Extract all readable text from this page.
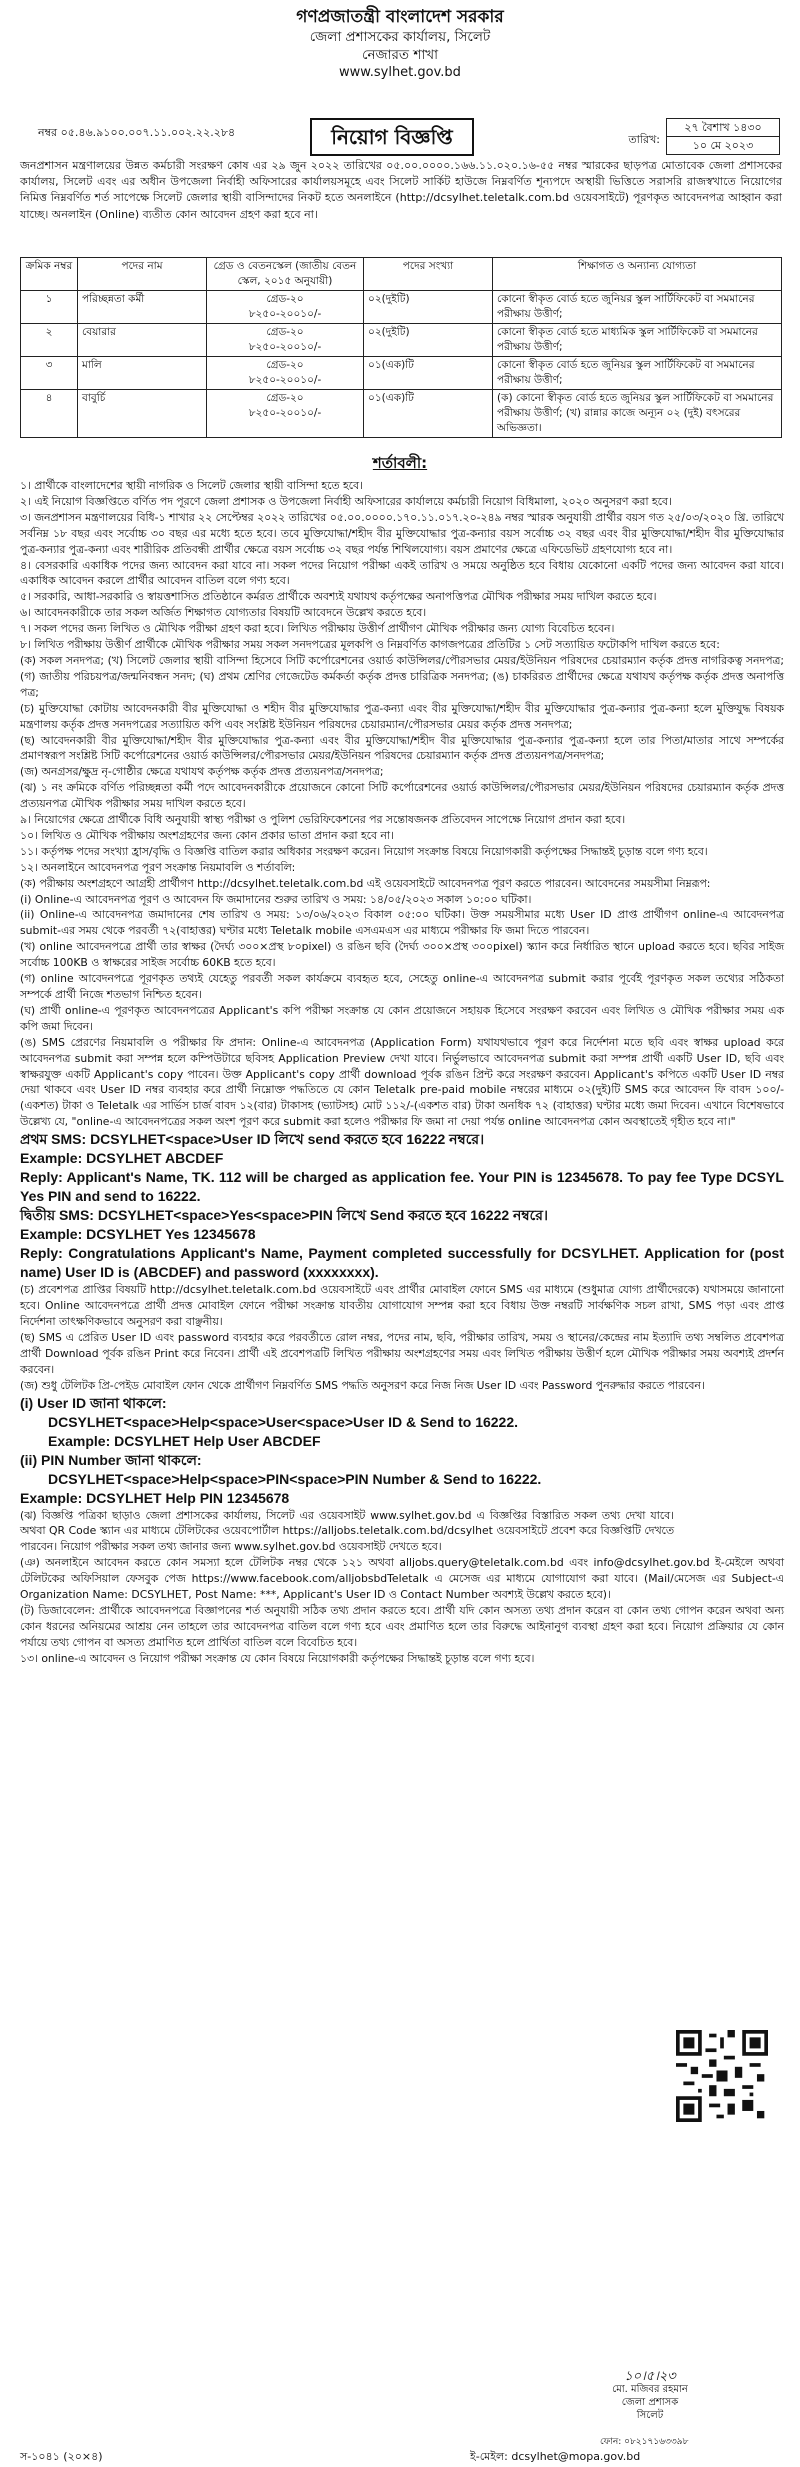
গণপ্রজাতন্ত্রী বাংলাদেশ সরকার
জেলা প্রশাসকের কার্যালয়, সিলেট
নেজারত শাখা
www.sylhet.gov.bd
নম্বর ০৫.৪৬.৯১০০.০০৭.১১.০০২.২২.২৮৪
তারিখ:
২৭ বৈশাখ ১৪৩০
১০ মে ২০২৩
নিয়োগ বিজ্ঞপ্তি
জনপ্রশাসন মন্ত্রণালয়ের উন্নত কর্মচারী সংরক্ষণ কোষ এর ২৯ জুন ২০২২ তারিখের ০৫.০০.০০০০.১৬৬.১১.০২০.১৬-৫৫ নম্বর স্মারকের ছাড়পত্র মোতাবেক জেলা প্রশাসকের কার্যালয়, সিলেট এবং এর অধীন উপজেলা নির্বাহী অফিসারের কার্যালয়সমূহে এবং সিলেট সার্কিট হাউজে নিম্নবর্ণিত শূন্যপদে অস্থায়ী ভিত্তিতে সরাসরি রাজস্বখাতে নিয়োগের নিমিত্ত নিম্নবর্ণিত শর্ত সাপেক্ষে সিলেট জেলার স্থায়ী বাসিন্দাদের নিকট হতে অনলাইনে (http://dcsylhet.teletalk.com.bd ওয়েবসাইটে) পূরণকৃত আবেদনপত্র আহ্বান করা যাচ্ছে। অনলাইন (Online) ব্যতীত কোন আবেদন গ্রহণ করা হবে না।
ক্রমিক নম্বর	পদের নাম	গ্রেড ও বেতনস্কেল (জাতীয় বেতন স্কেল, ২০১৫ অনুযায়ী)	পদের সংখ্যা	শিক্ষাগত ও অন্যান্য যোগ্যতা
১	পরিচ্ছন্নতা কর্মী	গ্রেড-২০
৮২৫০-২০০১০/-	০২(দুইটি)	কোনো স্বীকৃত বোর্ড হতে জুনিয়র স্কুল সার্টিফিকেট বা সমমানের পরীক্ষায় উত্তীর্ণ;
২	বেয়ারার	গ্রেড-২০
৮২৫০-২০০১০/-	০২(দুইটি)	কোনো স্বীকৃত বোর্ড হতে মাধ্যমিক স্কুল সার্টিফিকেট বা সমমানের পরীক্ষায় উত্তীর্ণ;
৩	মালি	গ্রেড-২০
৮২৫০-২০০১০/-	০১(এক)টি	কোনো স্বীকৃত বোর্ড হতে জুনিয়র স্কুল সার্টিফিকেট বা সমমানের পরীক্ষায় উত্তীর্ণ;
৪	বাবুর্চি	গ্রেড-২০
৮২৫০-২০০১০/-	০১(এক)টি	(ক) কোনো স্বীকৃত বোর্ড হতে জুনিয়র স্কুল সার্টিফিকেট বা সমমানের পরীক্ষায় উত্তীর্ণ; (খ) রান্নার কাজে অন্যূন ০২ (দুই) বৎসরের অভিজ্ঞতা।
শর্তাবলী:

১। প্রার্থীকে বাংলাদেশের স্থায়ী নাগরিক ও সিলেট জেলার স্থায়ী বাসিন্দা হতে হবে।

২। এই নিয়োগ বিজ্ঞপ্তিতে বর্ণিত পদ পূরণে জেলা প্রশাসক ও উপজেলা নির্বাহী অফিসারের কার্যালয়ে কর্মচারী নিয়োগ বিধিমালা, ২০২০ অনুসরণ করা হবে।

৩। জনপ্রশাসন মন্ত্রণালয়ের বিধি-১ শাখার ২২ সেপ্টেম্বর ২০২২ তারিখের ০৫.০০.০০০০.১৭০.১১.০১৭.২০-২৪৯ নম্বর স্মারক অনুযায়ী প্রার্থীর বয়স গত ২৫/০৩/২০২০ খ্রি. তারিখে সর্বনিম্ন ১৮ বছর এবং সর্বোচ্চ ৩০ বছর এর মধ্যে হতে হবে। তবে মুক্তিযোদ্ধা/শহীদ বীর মুক্তিযোদ্ধার পুত্র-কন্যার বয়স সর্বোচ্চ ৩২ বছর এবং বীর মুক্তিযোদ্ধা/শহীদ বীর মুক্তিযোদ্ধার পুত্র-কন্যার পুত্র-কন্যা এবং শারীরিক প্রতিবন্ধী প্রার্থীর ক্ষেত্রে বয়স সর্বোচ্চ ৩২ বছর পর্যন্ত শিথিলযোগ্য। বয়স প্রমাণের ক্ষেত্রে এফিডেভিট গ্রহণযোগ্য হবে না।

৪। বেসরকারি একাধিক পদের জন্য আবেদন করা যাবে না। সকল পদের নিয়োগ পরীক্ষা একই তারিখ ও সময়ে অনুষ্ঠিত হবে বিধায় যেকোনো একটি পদের জন্য আবেদন করা যাবে। একাধিক আবেদন করলে প্রার্থীর আবেদন বাতিল বলে গণ্য হবে।

৫। সরকারি, আধা-সরকারি ও স্বায়ত্তশাসিত প্রতিষ্ঠানে কর্মরত প্রার্থীকে অবশ্যই যথাযথ কর্তৃপক্ষের অনাপত্তিপত্র মৌখিক পরীক্ষার সময় দাখিল করতে হবে।

৬। আবেদনকারীকে তার সকল অর্জিত শিক্ষাগত যোগ্যতার বিষয়টি আবেদনে উল্লেখ করতে হবে।

৭। সকল পদের জন্য লিখিত ও মৌখিক পরীক্ষা গ্রহণ করা হবে। লিখিত পরীক্ষায় উত্তীর্ণ প্রার্থীগণ মৌখিক পরীক্ষার জন্য যোগ্য বিবেচিত হবেন।

৮। লিখিত পরীক্ষায় উত্তীর্ণ প্রার্থীকে মৌখিক পরীক্ষার সময় সকল সনদপত্রের মূলকপি ও নিম্নবর্ণিত কাগজপত্রের প্রতিটির ১ সেট সত্যায়িত ফটোকপি দাখিল করতে হবে:

(ক) সকল সনদপত্র; (খ) সিলেট জেলার স্থায়ী বাসিন্দা হিসেবে সিটি কর্পোরেশনের ওয়ার্ড কাউন্সিলর/পৌরসভার মেয়র/ইউনিয়ন পরিষদের চেয়ারম্যান কর্তৃক প্রদত্ত নাগরিকত্ব সনদপত্র; (গ) জাতীয় পরিচয়পত্র/জন্মনিবন্ধন সনদ; (ঘ) প্রথম শ্রেণির গেজেটেড কর্মকর্তা কর্তৃক প্রদত্ত চারিত্রিক সনদপত্র; (ঙ) চাকরিরত প্রার্থীদের ক্ষেত্রে যথাযথ কর্তৃপক্ষ কর্তৃক প্রদত্ত অনাপত্তি পত্র;

(চ) মুক্তিযোদ্ধা কোটায় আবেদনকারী বীর মুক্তিযোদ্ধা ও শহীদ বীর মুক্তিযোদ্ধার পুত্র-কন্যা এবং বীর মুক্তিযোদ্ধা/শহীদ বীর মুক্তিযোদ্ধার পুত্র-কন্যার পুত্র-কন্যা হলে মুক্তিযুদ্ধ বিষয়ক মন্ত্রণালয় কর্তৃক প্রদত্ত সনদপত্রের সত্যায়িত কপি এবং সংশ্লিষ্ট ইউনিয়ন পরিষদের চেয়ারম্যান/পৌরসভার মেয়র কর্তৃক প্রদত্ত সনদপত্র;

(ছ) আবেদনকারী বীর মুক্তিযোদ্ধা/শহীদ বীর মুক্তিযোদ্ধার পুত্র-কন্যা এবং বীর মুক্তিযোদ্ধা/শহীদ বীর মুক্তিযোদ্ধার পুত্র-কন্যার পুত্র-কন্যা হলে তার পিতা/মাতার সাথে সম্পর্কের প্রমাণস্বরূপ সংশ্লিষ্ট সিটি কর্পোরেশনের ওয়ার্ড কাউন্সিলর/পৌরসভার মেয়র/ইউনিয়ন পরিষদের চেয়ারম্যান কর্তৃক প্রদত্ত প্রত্যয়নপত্র/সনদপত্র;

(জ) অনগ্রসর/ক্ষুদ্র নৃ-গোষ্ঠীর ক্ষেত্রে যথাযথ কর্তৃপক্ষ কর্তৃক প্রদত্ত প্রত্যয়নপত্র/সনদপত্র;

(ঝ) ১ নং ক্রমিকে বর্ণিত পরিচ্ছন্নতা কর্মী পদে আবেদনকারীকে প্রয়োজনে কোনো সিটি কর্পোরেশনের ওয়ার্ড কাউন্সিলর/পৌরসভার মেয়র/ইউনিয়ন পরিষদের চেয়ারম্যান কর্তৃক প্রদত্ত প্রত্যয়নপত্র মৌখিক পরীক্ষার সময় দাখিল করতে হবে।

৯। নিয়োগের ক্ষেত্রে প্রার্থীকে বিধি অনুযায়ী স্বাস্থ্য পরীক্ষা ও পুলিশ ভেরিফিকেশনের পর সন্তোষজনক প্রতিবেদন সাপেক্ষে নিয়োগ প্রদান করা হবে।

১০। লিখিত ও মৌখিক পরীক্ষায় অংশগ্রহণের জন্য কোন প্রকার ভাতা প্রদান করা হবে না।

১১। কর্তৃপক্ষ পদের সংখ্যা হ্রাস/বৃদ্ধি ও বিজ্ঞপ্তি বাতিল করার অধিকার সংরক্ষণ করেন। নিয়োগ সংক্রান্ত বিষয়ে নিয়োগকারী কর্তৃপক্ষের সিদ্ধান্তই চূড়ান্ত বলে গণ্য হবে।

১২। অনলাইনে আবেদনপত্র পূরণ সংক্রান্ত নিয়মাবলি ও শর্তাবলি:

(ক) পরীক্ষায় অংশগ্রহণে আগ্রহী প্রার্থীগণ http://dcsylhet.teletalk.com.bd এই ওয়েবসাইটে আবেদনপত্র পূরণ করতে পারবেন। আবেদনের সময়সীমা নিম্নরূপ:

(i) Online-এ আবেদনপত্র পূরণ ও আবেদন ফি জমাদানের শুরুর তারিখ ও সময়: ১৪/০৫/২০২৩ সকাল ১০:০০ ঘটিকা।

(ii) Online-এ আবেদনপত্র জমাদানের শেষ তারিখ ও সময়: ১৩/০৬/২০২৩ বিকাল ০৫:০০ ঘটিকা। উক্ত সময়সীমার মধ্যে User ID প্রাপ্ত প্রার্থীগণ online-এ আবেদনপত্র submit-এর সময় থেকে পরবর্তী ৭২(বাহাত্তর) ঘণ্টার মধ্যে Teletalk mobile এসএমএস এর মাধ্যমে পরীক্ষার ফি জমা দিতে পারবেন।

(খ) online আবেদনপত্রে প্রার্থী তার স্বাক্ষর (দৈর্ঘ্য ৩০০×প্রস্থ ৮০pixel) ও রঙিন ছবি (দৈর্ঘ্য ৩০০×প্রস্থ ৩০০pixel) স্ক্যান করে নির্ধারিত স্থানে upload করতে হবে। ছবির সাইজ সর্বোচ্চ 100KB ও স্বাক্ষরের সাইজ সর্বোচ্চ 60KB হতে হবে।

(গ) online আবেদনপত্রে পূরণকৃত তথ্যই যেহেতু পরবর্তী সকল কার্যক্রমে ব্যবহৃত হবে, সেহেতু online-এ আবেদনপত্র submit করার পূর্বেই পূরণকৃত সকল তথ্যের সঠিকতা সম্পর্কে প্রার্থী নিজে শতভাগ নিশ্চিত হবেন।

(ঘ) প্রার্থী online-এ পূরণকৃত আবেদনপত্রের Applicant's কপি পরীক্ষা সংক্রান্ত যে কোন প্রয়োজনে সহায়ক হিসেবে সংরক্ষণ করবেন এবং লিখিত ও মৌখিক পরীক্ষার সময় এক কপি জমা দিবেন।

(ঙ) SMS প্রেরণের নিয়মাবলি ও পরীক্ষার ফি প্রদান: Online-এ আবেদনপত্র (Application Form) যথাযথভাবে পূরণ করে নির্দেশনা মতে ছবি এবং স্বাক্ষর upload করে আবেদনপত্র submit করা সম্পন্ন হলে কম্পিউটারে ছবিসহ Application Preview দেখা যাবে। নির্ভুলভাবে আবেদনপত্র submit করা সম্পন্ন প্রার্থী একটি User ID, ছবি এবং স্বাক্ষরযুক্ত একটি Applicant's copy পাবেন। উক্ত Applicant's copy প্রার্থী download পূর্বক রঙিন প্রিন্ট করে সংরক্ষণ করবেন। Applicant's কপিতে একটি User ID নম্বর দেয়া থাকবে এবং User ID নম্বর ব্যবহার করে প্রার্থী নিম্নোক্ত পদ্ধতিতে যে কোন Teletalk pre-paid mobile নম্বরের মাধ্যমে ০২(দুই)টি SMS করে আবেদন ফি বাবদ ১০০/- (একশত) টাকা ও Teletalk এর সার্ভিস চার্জ বাবদ ১২(বার) টাকাসহ (ভ্যাটসহ) মোট ১১২/-(একশত বার) টাকা অনধিক ৭২ (বাহাত্তর) ঘণ্টার মধ্যে জমা দিবেন। এখানে বিশেষভাবে উল্লেখ্য যে, "online-এ আবেদনপত্রের সকল অংশ পূরণ করে submit করা হলেও পরীক্ষার ফি জমা না দেয়া পর্যন্ত online আবেদনপত্র কোন অবস্থাতেই গৃহীত হবে না।"

প্রথম SMS: DCSYLHET<space>User ID লিখে send করতে হবে 16222 নম্বরে।

Example: DCSYLHET ABCDEF

Reply: Applicant's Name, TK. 112 will be charged as application fee. Your PIN is 12345678. To pay fee Type DCSYL Yes PIN and send to 16222.

দ্বিতীয় SMS: DCSYLHET<space>Yes<space>PIN লিখে Send করতে হবে 16222 নম্বরে।

Example: DCSYLHET Yes 12345678

Reply: Congratulations Applicant's Name, Payment completed successfully for DCSYLHET. Application for (post name) User ID is (ABCDEF) and password (xxxxxxxx).

(চ) প্রবেশপত্র প্রাপ্তির বিষয়টি http://dcsylhet.teletalk.com.bd ওয়েবসাইটে এবং প্রার্থীর মোবাইল ফোনে SMS এর মাধ্যমে (শুধুমাত্র যোগ্য প্রার্থীদেরকে) যথাসময়ে জানানো হবে। Online আবেদনপত্রে প্রার্থী প্রদত্ত মোবাইল ফোনে পরীক্ষা সংক্রান্ত যাবতীয় যোগাযোগ সম্পন্ন করা হবে বিধায় উক্ত নম্বরটি সার্বক্ষণিক সচল রাখা, SMS পড়া এবং প্রাপ্ত নির্দেশনা তাৎক্ষণিকভাবে অনুসরণ করা বাঞ্ছনীয়।

(ছ) SMS এ প্রেরিত User ID এবং password ব্যবহার করে পরবর্তীতে রোল নম্বর, পদের নাম, ছবি, পরীক্ষার তারিখ, সময় ও স্থানের/কেন্দ্রের নাম ইত্যাদি তথ্য সম্বলিত প্রবেশপত্র প্রার্থী Download পূর্বক রঙিন Print করে নিবেন। প্রার্থী এই প্রবেশপত্রটি লিখিত পরীক্ষায় অংশগ্রহণের সময় এবং লিখিত পরীক্ষায় উত্তীর্ণ হলে মৌখিক পরীক্ষার সময় অবশ্যই প্রদর্শন করবেন।

(জ) শুধু টেলিটক প্রি-পেইড মোবাইল ফোন থেকে প্রার্থীগণ নিম্নবর্ণিত SMS পদ্ধতি অনুসরণ করে নিজ নিজ User ID এবং Password পুনরুদ্ধার করতে পারবেন।

(i) User ID জানা থাকলে:

DCSYLHET<space>Help<space>User<space>User ID & Send to 16222.

Example: DCSYLHET Help User ABCDEF

(ii) PIN Number জানা থাকলে:

DCSYLHET<space>Help<space>PIN<space>PIN Number & Send to 16222.

Example: DCSYLHET Help PIN 12345678

(ঝ) বিজ্ঞপ্তি পত্রিকা ছাড়াও জেলা প্রশাসকের কার্যালয়, সিলেট এর ওয়েবসাইট www.sylhet.gov.bd এ বিজ্ঞপ্তির বিস্তারিত সকল তথ্য দেখা যাবে। অথবা QR Code স্ক্যান এর মাধ্যমে টেলিটকের ওয়েবপোর্টাল https://alljobs.teletalk.com.bd/dcsylhet ওয়েবসাইটে প্রবেশ করে বিজ্ঞপ্তিটি দেখতে পারবেন। নিয়োগ পরীক্ষার সকল তথ্য জানার জন্য www.sylhet.gov.bd ওয়েবসাইট দেখতে হবে।

(ঞ) অনলাইনে আবেদন করতে কোন সমস্যা হলে টেলিটক নম্বর থেকে ১২১ অথবা alljobs.query@teletalk.com.bd এবং info@dcsylhet.gov.bd ই-মেইলে অথবা টেলিটকের অফিসিয়াল ফেসবুক পেজ https://www.facebook.com/alljobsbdTeletalk এ মেসেজ এর মাধ্যমে যোগাযোগ করা যাবে। (Mail/মেসেজ এর Subject-এ Organization Name: DCSYLHET, Post Name: ***, Applicant's User ID ও Contact Number অবশ্যই উল্লেখ করতে হবে)।

(ট) ডিজাবেলেন: প্রার্থীকে আবেদনপত্রে বিজ্ঞাপনের শর্ত অনুযায়ী সঠিক তথ্য প্রদান করতে হবে। প্রার্থী যদি কোন অসত্য তথ্য প্রদান করেন বা কোন তথ্য গোপন করেন অথবা অন্য কোন ধরনের অনিয়মের আশ্রয় নেন তাহলে তার আবেদনপত্র বাতিল বলে গণ্য হবে এবং প্রমাণিত হলে তার বিরুদ্ধে আইনানুগ ব্যবস্থা গ্রহণ করা হবে। নিয়োগ প্রক্রিয়ার যে কোন পর্যায়ে তথ্য গোপন বা অসত্য প্রমাণিত হলে প্রার্থিতা বাতিল বলে বিবেচিত হবে।

১৩। online-এ আবেদন ও নিয়োগ পরীক্ষা সংক্রান্ত যে কোন বিষয়ে নিয়োগকারী কর্তৃপক্ষের সিদ্ধান্তই চূড়ান্ত বলে গণ্য হবে।

১০।৫।২৩
মো. মজিবর রহমান
জেলা প্রশাসক
সিলেট
ফোন: ০৮২১৭১৬৩৩৯৮
স-১০৪১ (২০×৪)	ই-মেইল: dcsylhet@mopa.gov.bd
